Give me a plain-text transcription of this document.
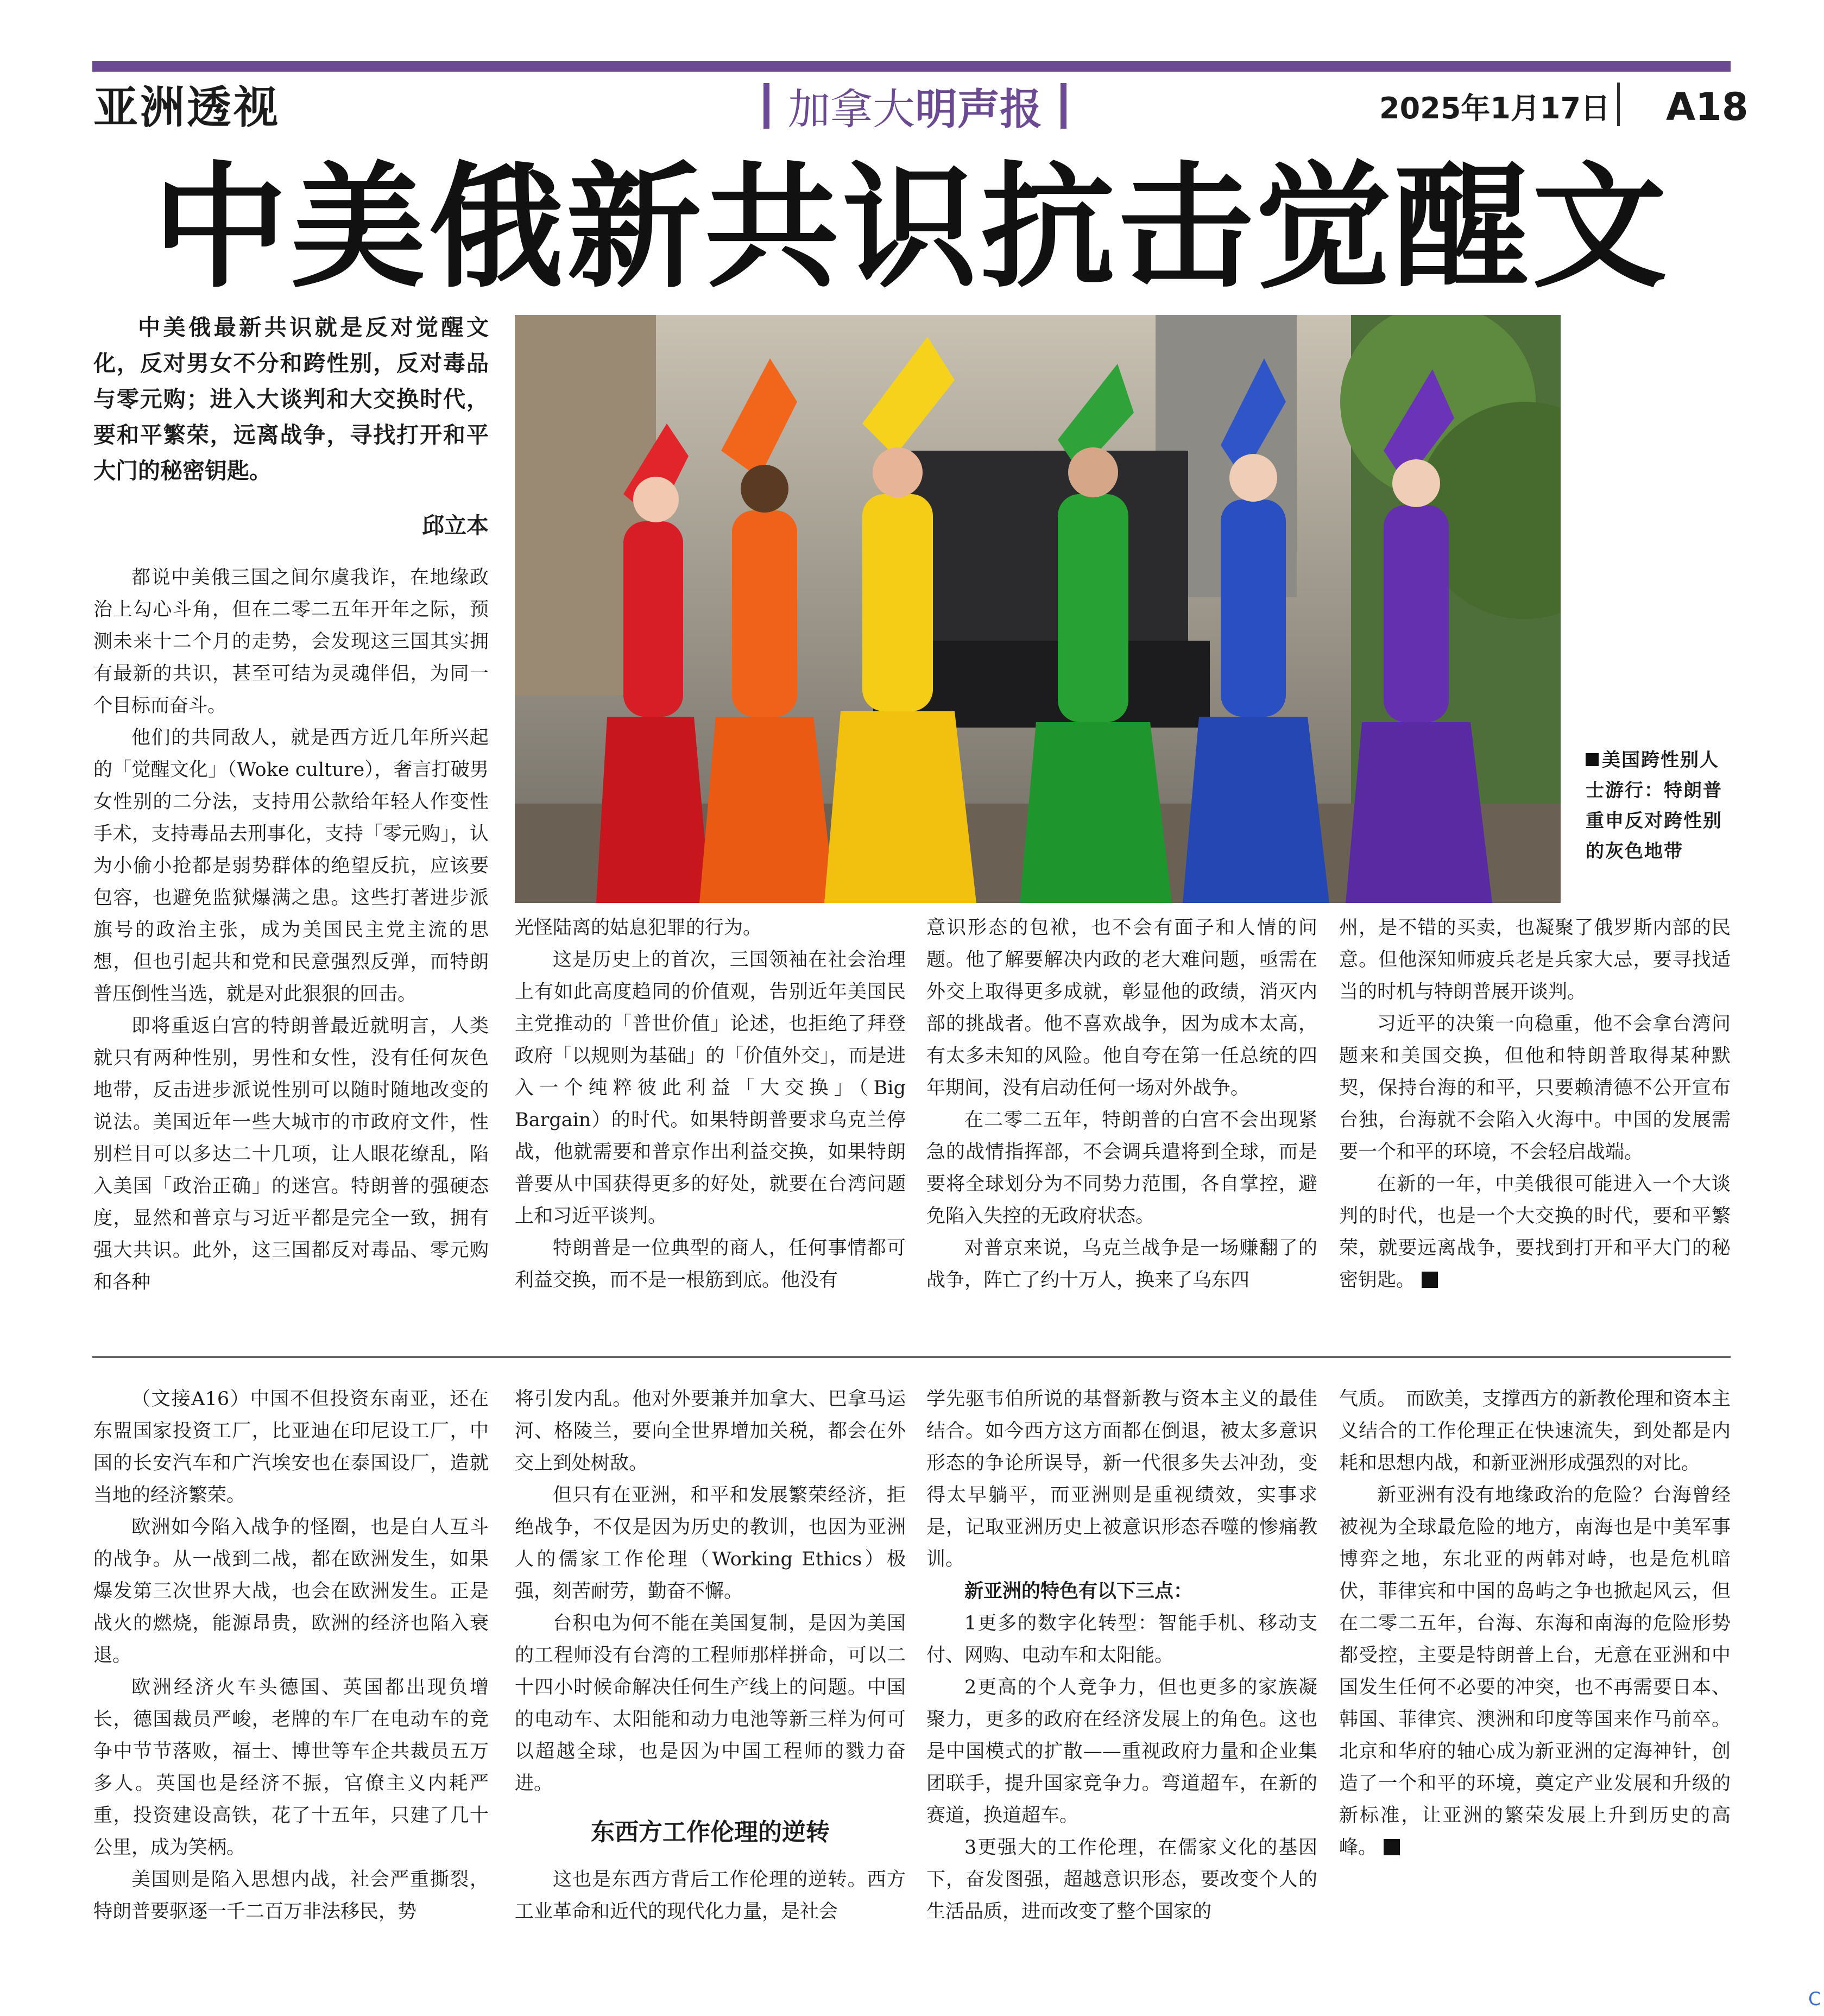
亚洲透视	加拿大明声报	2025年1月17日 A18
中美俄新共识抗击觉醒文
中美俄最新共识就是反对觉醒文化，反对男女不分和跨性别，反对毒品与零元购；进入大谈判和大交换时代，要和平繁荣，远离战争，寻找打开和平大门的秘密钥匙。
邱立本
美国跨性别人士游行：特朗普重申反对跨性别的灰色地带

都说中美俄三国之间尔虞我诈，在地缘政治上勾心斗角，但在二零二五年开年之际，预测未来十二个月的走势，会发现这三国其实拥有最新的共识，甚至可结为灵魂伴侣，为同一个目标而奋斗。

他们的共同敌人，就是西方近几年所兴起的「觉醒文化」（Woke culture），奢言打破男女性别的二分法，支持用公款给年轻人作变性手术，支持毒品去刑事化，支持「零元购」，认为小偷小抢都是弱势群体的绝望反抗，应该要包容，也避免监狱爆满之患。这些打著进步派旗号的政治主张，成为美国民主党主流的思想，但也引起共和党和民意强烈反弹，而特朗普压倒性当选，就是对此狠狠的回击。

即将重返白宫的特朗普最近就明言，人类就只有两种性别，男性和女性，没有任何灰色地带，反击进步派说性别可以随时随地改变的说法。美国近年一些大城市的市政府文件，性别栏目可以多达二十几项，让人眼花缭乱，陷入美国「政治正确」的迷宫。特朗普的强硬态度，显然和普京与习近平都是完全一致，拥有强大共识。此外，这三国都反对毒品、零元购和各种

光怪陆离的姑息犯罪的行为。

这是历史上的首次，三国领袖在社会治理上有如此高度趋同的价值观，告别近年美国民主党推动的「普世价值」论述，也拒绝了拜登政府「以规则为基础」的「价值外交」，而是进入一个纯粹彼此利益「大交换」（Big Bargain）的时代。如果特朗普要求乌克兰停战，他就需要和普京作出利益交换，如果特朗普要从中国获得更多的好处，就要在台湾问题上和习近平谈判。

特朗普是一位典型的商人，任何事情都可利益交换，而不是一根筋到底。他没有

意识形态的包袱，也不会有面子和人情的问题。他了解要解决内政的老大难问题，亟需在外交上取得更多成就，彰显他的政绩，消灭内部的挑战者。他不喜欢战争，因为成本太高，有太多未知的风险。他自夸在第一任总统的四年期间，没有启动任何一场对外战争。

在二零二五年，特朗普的白宫不会出现紧急的战情指挥部，不会调兵遣将到全球，而是要将全球划分为不同势力范围，各自掌控，避免陷入失控的无政府状态。

对普京来说，乌克兰战争是一场赚翻了的战争，阵亡了约十万人，换来了乌东四

州，是不错的买卖，也凝聚了俄罗斯内部的民意。但他深知师疲兵老是兵家大忌，要寻找适当的时机与特朗普展开谈判。

习近平的决策一向稳重，他不会拿台湾问题来和美国交换，但他和特朗普取得某种默契，保持台海的和平，只要赖清德不公开宣布台独，台海就不会陷入火海中。中国的发展需要一个和平的环境，不会轻启战端。

在新的一年，中美俄很可能进入一个大谈判的时代，也是一个大交换的时代，要和平繁荣，就要远离战争，要找到打开和平大门的秘密钥匙。

（文接A16）中国不但投资东南亚，还在东盟国家投资工厂，比亚迪在印尼设工厂，中国的长安汽车和广汽埃安也在泰国设厂，造就当地的经济繁荣。

欧洲如今陷入战争的怪圈，也是白人互斗的战争。从一战到二战，都在欧洲发生，如果爆发第三次世界大战，也会在欧洲发生。正是战火的燃烧，能源昂贵，欧洲的经济也陷入衰退。

欧洲经济火车头德国、英国都出现负增长，德国裁员严峻，老牌的车厂在电动车的竞争中节节落败，福士、博世等车企共裁员五万多人。英国也是经济不振，官僚主义内耗严重，投资建设高铁，花了十五年，只建了几十公里，成为笑柄。

美国则是陷入思想内战，社会严重撕裂，特朗普要驱逐一千二百万非法移民，势

将引发内乱。他对外要兼并加拿大、巴拿马运河、格陵兰，要向全世界增加关税，都会在外交上到处树敌。

但只有在亚洲，和平和发展繁荣经济，拒绝战争，不仅是因为历史的教训，也因为亚洲人的儒家工作伦理（Working Ethics）极强，刻苦耐劳，勤奋不懈。

台积电为何不能在美国复制，是因为美国的工程师没有台湾的工程师那样拼命，可以二十四小时候命解决任何生产线上的问题。中国的电动车、太阳能和动力电池等新三样为何可以超越全球，也是因为中国工程师的戮力奋进。

东西方工作伦理的逆转

这也是东西方背后工作伦理的逆转。西方工业革命和近代的现代化力量，是社会

学先驱韦伯所说的基督新教与资本主义的最佳结合。如今西方这方面都在倒退，被太多意识形态的争论所误导，新一代很多失去冲劲，变得太早躺平，而亚洲则是重视绩效，实事求是，记取亚洲历史上被意识形态吞噬的惨痛教训。

新亚洲的特色有以下三点：

1更多的数字化转型：智能手机、移动支付、网购、电动车和太阳能。

2更高的个人竞争力，但也更多的家族凝聚力，更多的政府在经济发展上的角色。这也是中国模式的扩散——重视政府力量和企业集团联手，提升国家竞争力。弯道超车，在新的赛道，换道超车。

3更强大的工作伦理，在儒家文化的基因下，奋发图强，超越意识形态，要改变个人的生活品质，进而改变了整个国家的

气质。　而欧美，支撑西方的新教伦理和资本主义结合的工作伦理正在快速流失，到处都是内耗和思想内战，和新亚洲形成强烈的对比。

新亚洲有没有地缘政治的危险？台海曾经被视为全球最危险的地方，南海也是中美军事博弈之地，东北亚的两韩对峙，也是危机暗伏，菲律宾和中国的岛屿之争也掀起风云，但在二零二五年，台海、东海和南海的危险形势都受控，主要是特朗普上台，无意在亚洲和中国发生任何不必要的冲突，也不再需要日本、韩国、菲律宾、澳洲和印度等国来作马前卒。北京和华府的轴心成为新亚洲的定海神针，创造了一个和平的环境，奠定产业发展和升级的新标准，让亚洲的繁荣发展上升到历史的高峰。

C
